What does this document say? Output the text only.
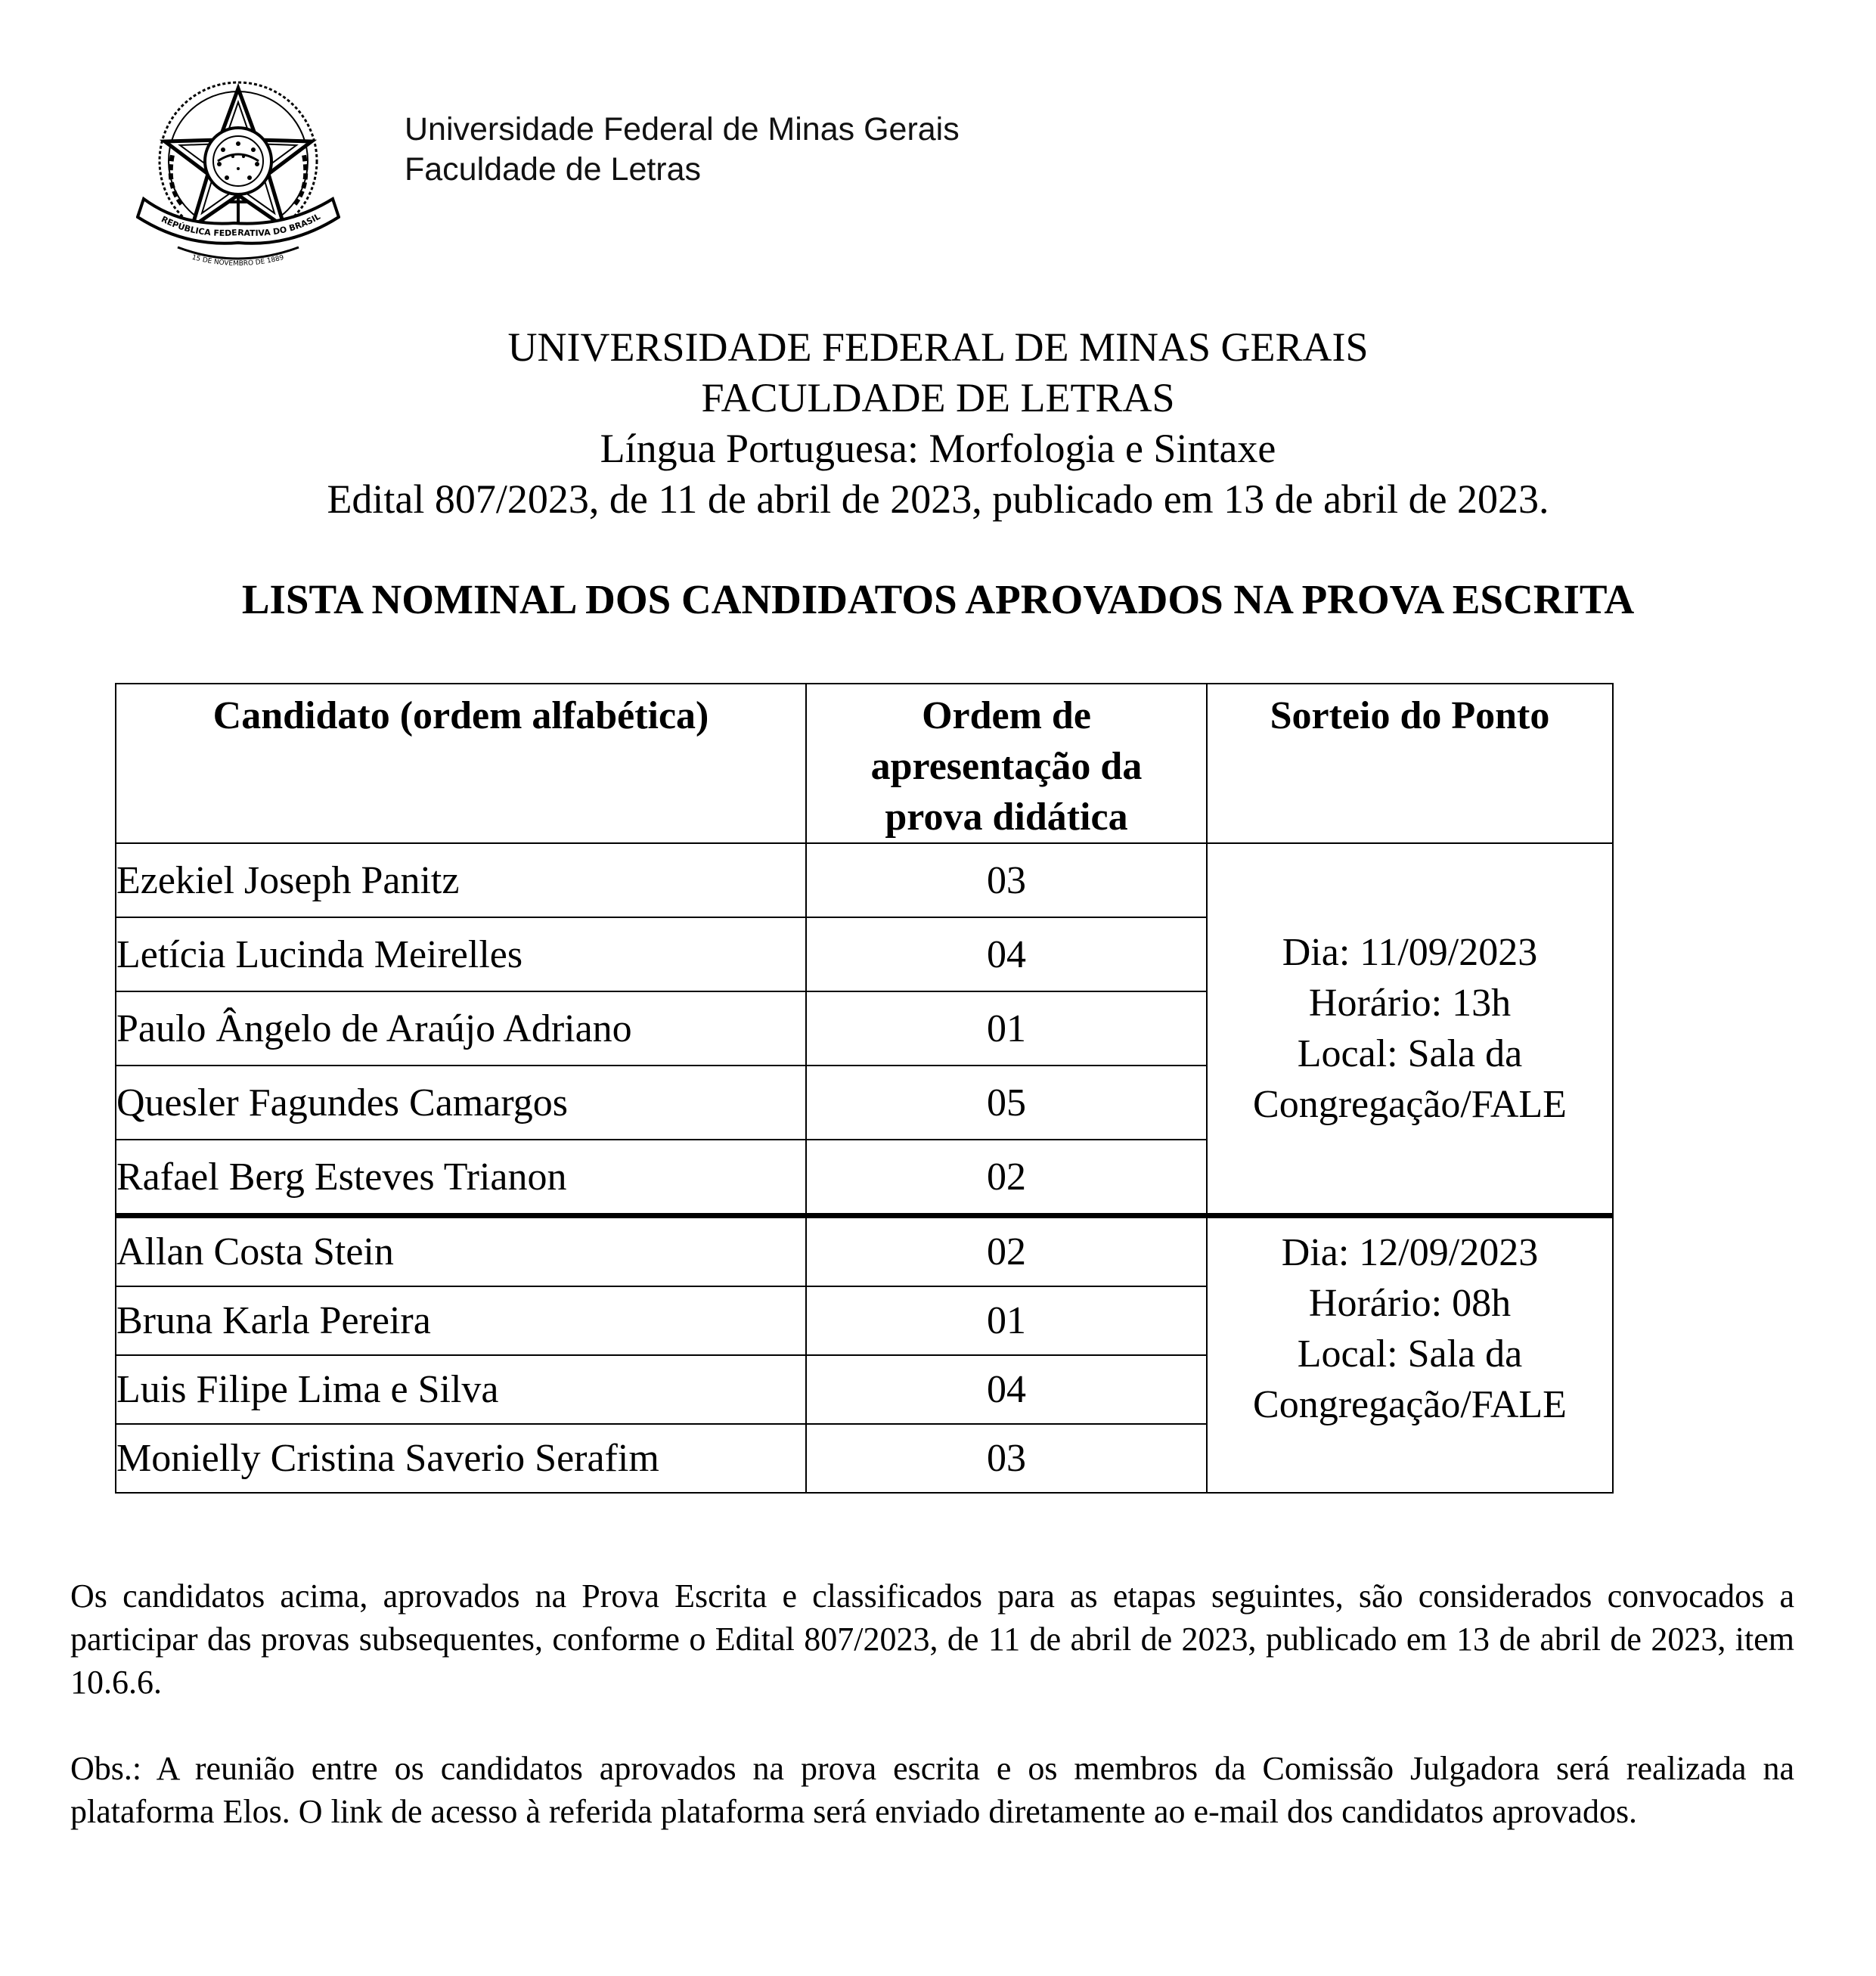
REPÚBLICA FEDERATIVA DO BRASIL
15 DE NOVEMBRO DE 1889
Universidade Federal de Minas Gerais
Faculdade de Letras
UNIVERSIDADE FEDERAL DE MINAS GERAIS
FACULDADE DE LETRAS
Língua Portuguesa: Morfologia e Sintaxe
Edital 807/2023, de 11 de abril de 2023, publicado em 13 de abril de 2023.
LISTA NOMINAL DOS CANDIDATOS APROVADOS NA PROVA ESCRITA
Candidato (ordem alfabética)	Ordem de
apresentação da
prova didática	Sorteio do Ponto
Ezekiel Joseph Panitz	03	Dia: 11/09/2023
Horário: 13h
Local: Sala da
Congregação/FALE

Letícia Lucinda Meirelles	04	
Paulo Ângelo de Araújo Adriano	01	
Quesler Fagundes Camargos	05	
Rafael Berg Esteves Trianon	02	
Allan Costa Stein	02	Dia: 12/09/2023
Horário: 08h
Local: Sala da
Congregação/FALE

Bruna Karla Pereira	01	
Luis Filipe Lima e Silva	04	
Monielly Cristina Saverio Serafim	03	

Os candidatos acima, aprovados na Prova Escrita e classificados para as etapas seguintes, são considerados convocados a participar das provas subsequentes, conforme o Edital 807/2023, de 11 de abril de 2023, publicado em 13 de abril de 2023, item 10.6.6.

Obs.: A reunião entre os candidatos aprovados na prova escrita e os membros da Comissão Julgadora será realizada na plataforma Elos. O link de acesso à referida plataforma será enviado diretamente ao e-mail dos candidatos aprovados.
